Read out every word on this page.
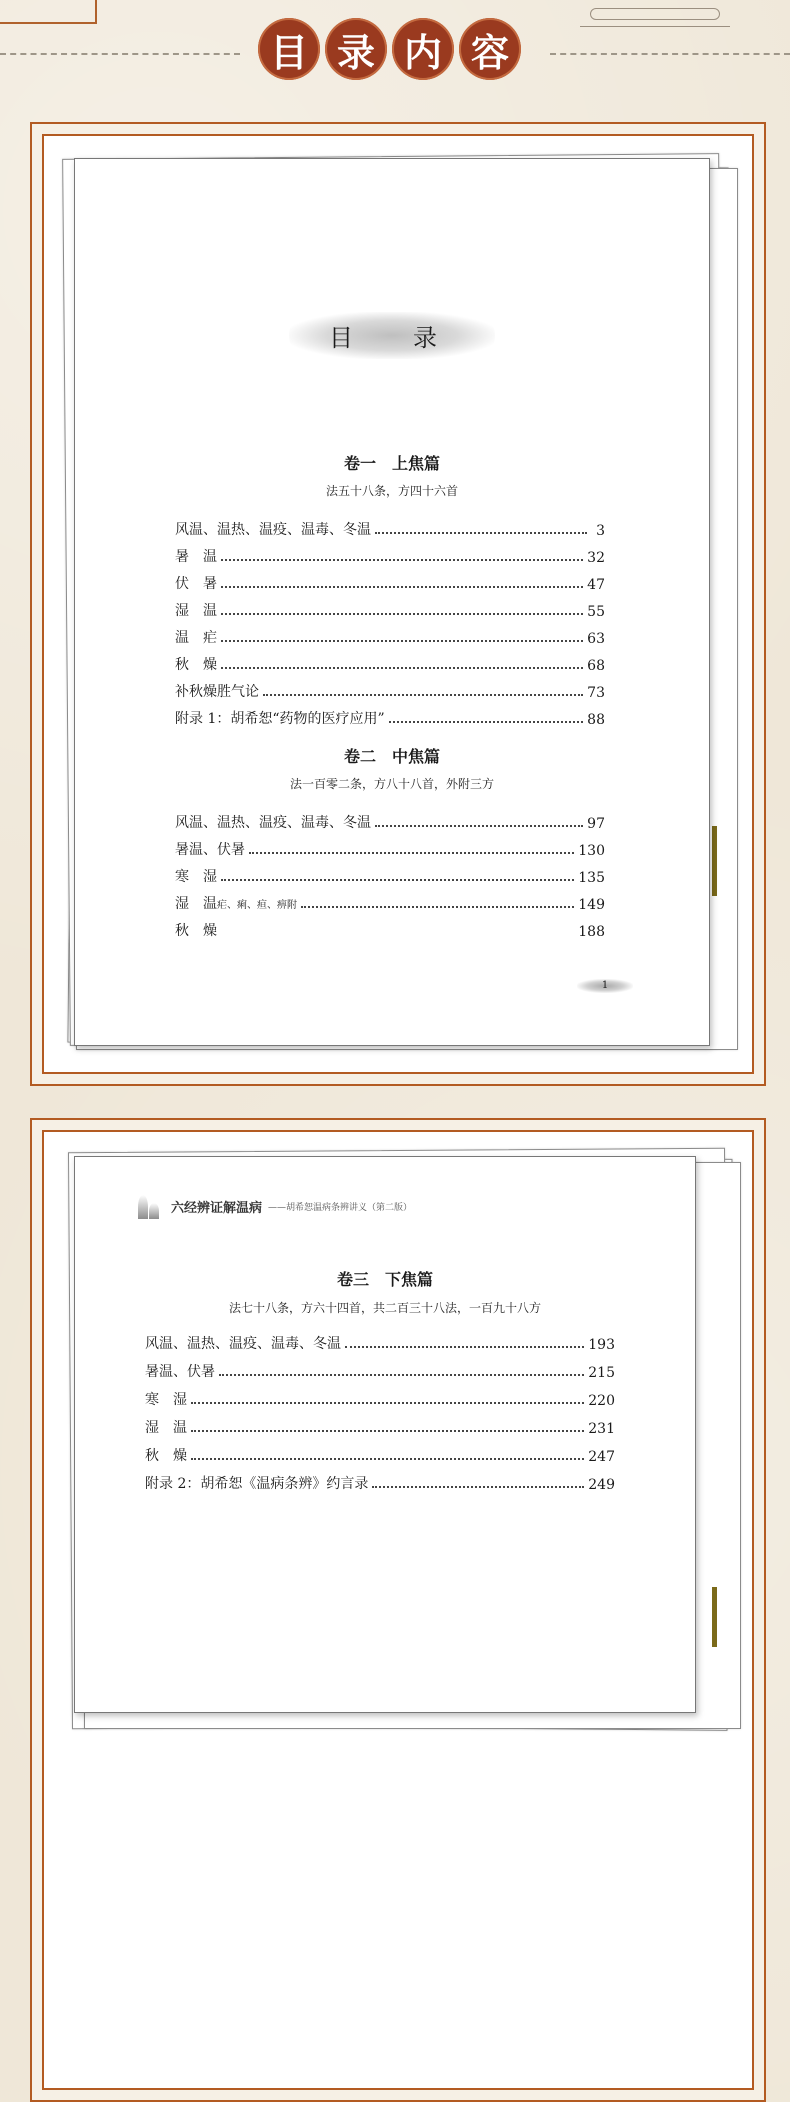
目 录 内 容
目　录
卷一　上焦篇
法五十八条，方四十六首
风温、温热、温疫、温毒、冬温	3
暑　温	32
伏　暑	47
湿　温	55
温　疟	63
秋　燥	68
补秋燥胜气论	73
附录 1：胡希恕“药物的医疗应用”	88
卷二　中焦篇
法一百零二条，方八十八首，外附三方
风温、温热、温疫、温毒、冬温	97
暑温、伏暑	130
寒　湿	135
湿　温疟、痢、疸、痹附	149
秋　燥	188
1
六经辨证解温病 ——胡希恕温病条辨讲义（第二版）
卷三　下焦篇
法七十八条，方六十四首，共二百三十八法，一百九十八方
风温、温热、温疫、温毒、冬温	193
暑温、伏暑	215
寒　湿	220
湿　温	231
秋　燥	247
附录 2：胡希恕《温病条辨》约言录	249
